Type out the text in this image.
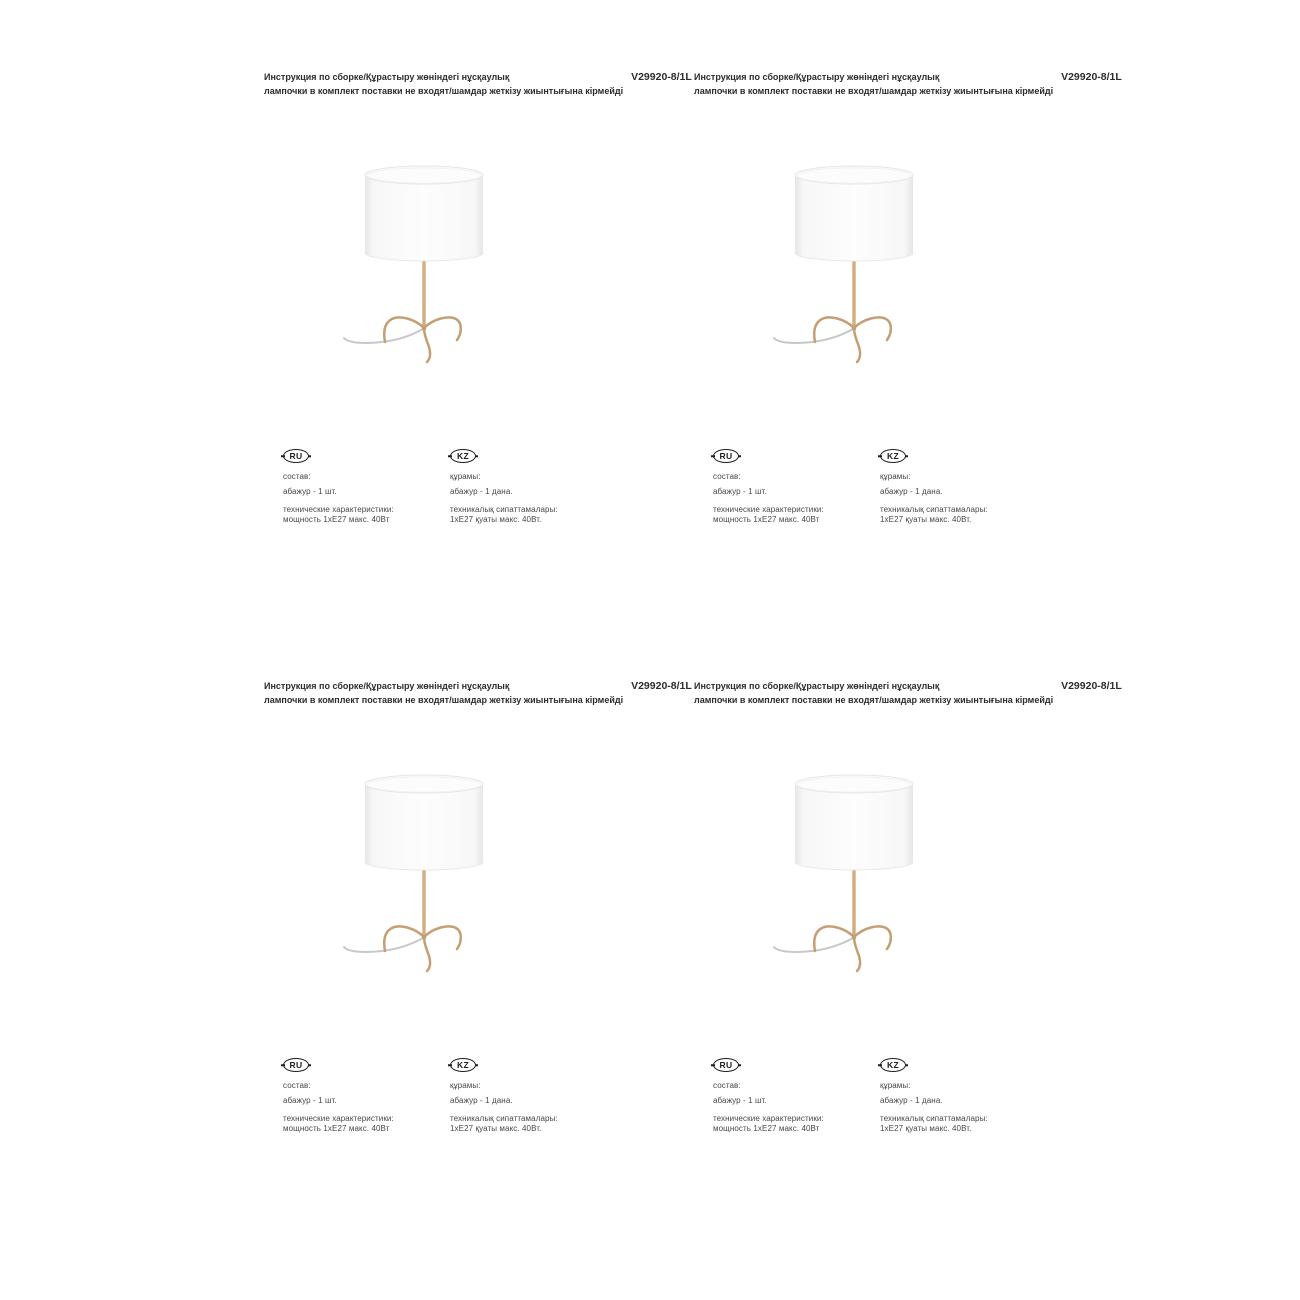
Инструкция по сборке/Құрастыру жөніндегі нұсқаулық
лампочки в комплект поставки не входят/шамдар жеткізу жиынтығына кірмейді

V29920-8/1L

RU

состав:

абажур - 1 шт.

технические характеристики:
мощность 1хЕ27 макс. 40Вт

KZ

құрамы:

абажур - 1 дана.

техникалық сипаттамалары:
1хЕ27 қуаты макс. 40Вт.

Инструкция по сборке/Құрастыру жөніндегі нұсқаулық
лампочки в комплект поставки не входят/шамдар жеткізу жиынтығына кірмейді

V29920-8/1L

RU

состав:

абажур - 1 шт.

технические характеристики:
мощность 1хЕ27 макс. 40Вт

KZ

құрамы:

абажур - 1 дана.

техникалық сипаттамалары:
1хЕ27 қуаты макс. 40Вт.

Инструкция по сборке/Құрастыру жөніндегі нұсқаулық
лампочки в комплект поставки не входят/шамдар жеткізу жиынтығына кірмейді

V29920-8/1L

RU

состав:

абажур - 1 шт.

технические характеристики:
мощность 1хЕ27 макс. 40Вт

KZ

құрамы:

абажур - 1 дана.

техникалық сипаттамалары:
1хЕ27 қуаты макс. 40Вт.

Инструкция по сборке/Құрастыру жөніндегі нұсқаулық
лампочки в комплект поставки не входят/шамдар жеткізу жиынтығына кірмейді

V29920-8/1L

RU

состав:

абажур - 1 шт.

технические характеристики:
мощность 1хЕ27 макс. 40Вт

KZ

құрамы:

абажур - 1 дана.

техникалық сипаттамалары:
1хЕ27 қуаты макс. 40Вт.
